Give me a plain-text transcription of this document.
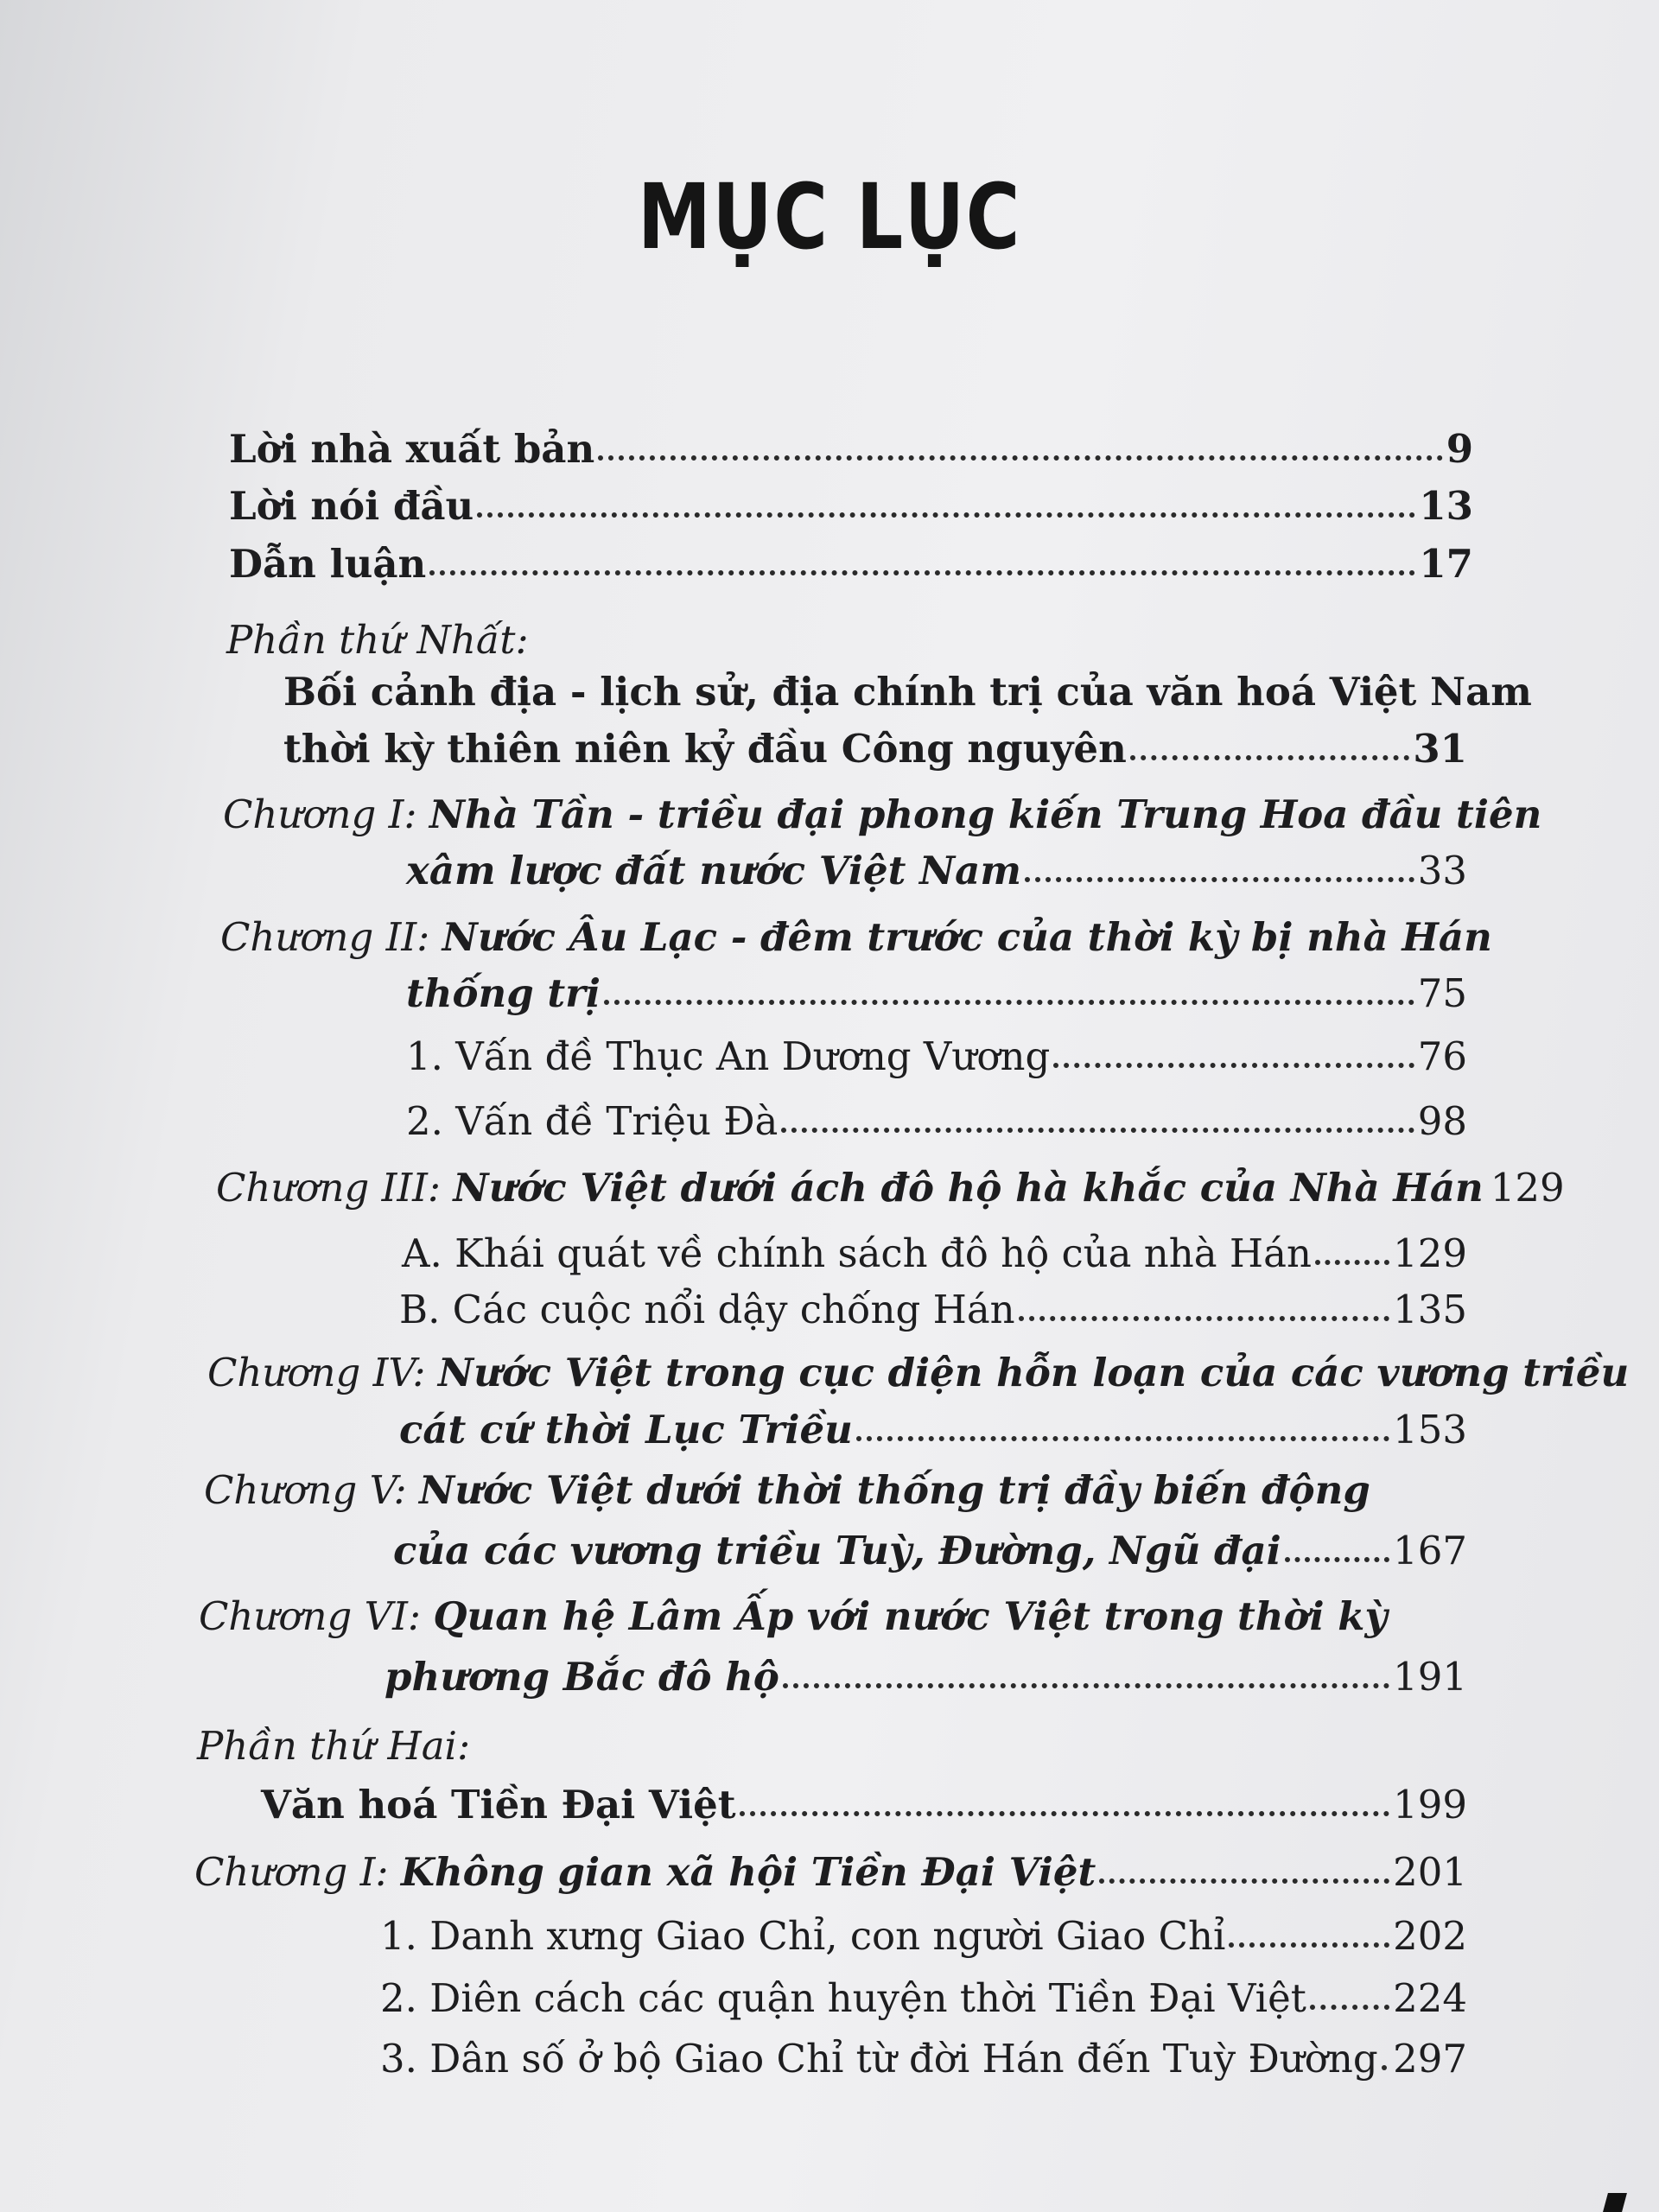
MỤC LỤC
Lời nhà xuất bản	9
Lời nói đầu	13
Dẫn luận	17
Phần thứ Nhất:
Bối cảnh địa - lịch sử, địa chính trị của văn hoá Việt Nam
thời kỳ thiên niên kỷ đầu Công nguyên	31
Chương I: Nhà Tần - triều đại phong kiến Trung Hoa đầu tiên
xâm lược đất nước Việt Nam	33
Chương II: Nước Âu Lạc - đêm trước của thời kỳ bị nhà Hán
thống trị	75
1. Vấn đề Thục An Dương Vương	76
2. Vấn đề Triệu Đà	98
Chương III: Nước Việt dưới ách đô hộ hà khắc của Nhà Hán 129
A. Khái quát về chính sách đô hộ của nhà Hán 129
B. Các cuộc nổi dậy chống Hán	135
Chương IV: Nước Việt trong cục diện hỗn loạn của các vương triều
cát cứ thời Lục Triều	153
Chương V: Nước Việt dưới thời thống trị đầy biến động
của các vương triều Tuỳ, Đường, Ngũ đại	167
Chương VI: Quan hệ Lâm Ấp với nước Việt trong thời kỳ
phương Bắc đô hộ	191
Phần thứ Hai:
Văn hoá Tiền Đại Việt	199
Chương I: Không gian xã hội Tiền Đại Việt	201
1. Danh xưng Giao Chỉ, con người Giao Chỉ	202
2. Diên cách các quận huyện thời Tiền Đại Việt 224
3. Dân số ở bộ Giao Chỉ từ đời Hán đến Tuỳ Đường 297
